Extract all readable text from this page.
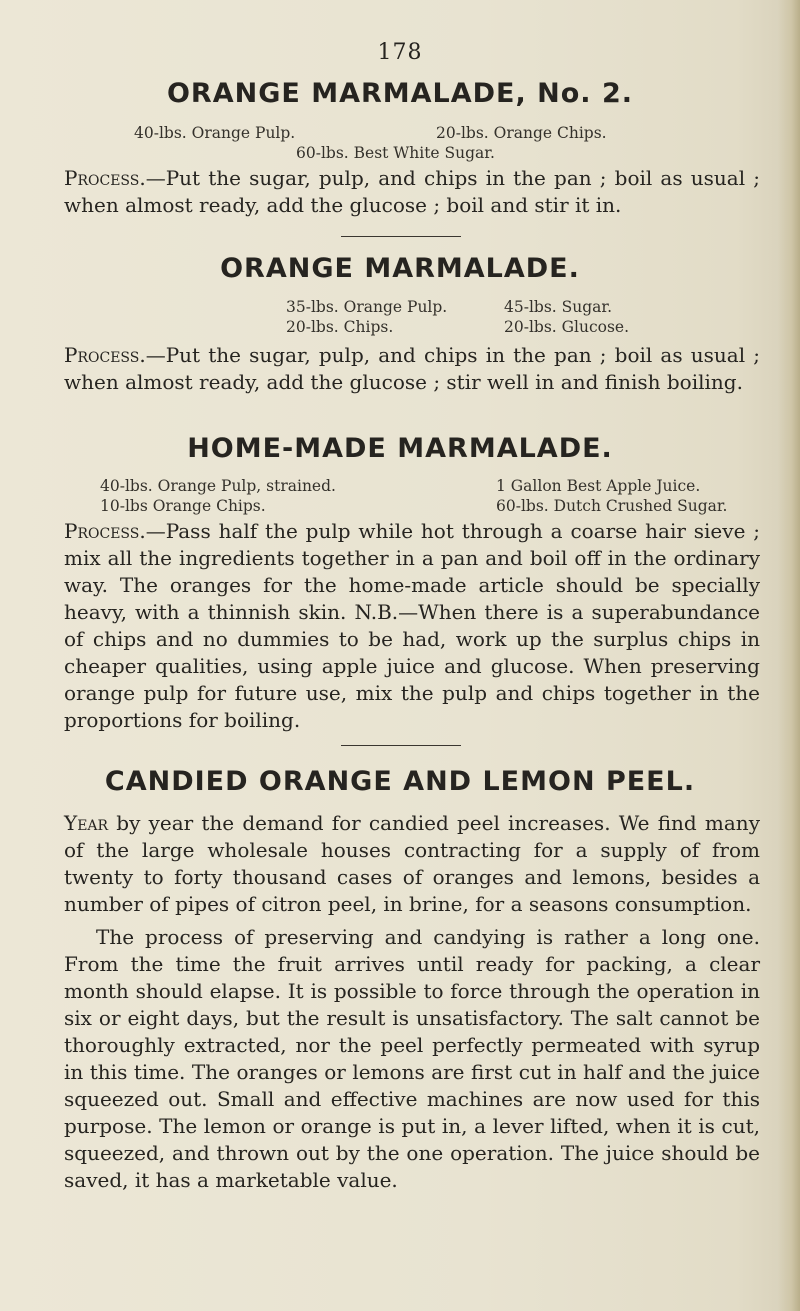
178
ORANGE MARMALADE, No. 2.
40-lbs. Orange Pulp.	20-lbs. Orange Chips.
60-lbs. Best White Sugar.

Process.—Put the sugar, pulp, and chips in the pan ; boil as usual ; when almost ready, add the glucose ; boil and stir it in.

ORANGE MARMALADE.
35-lbs. Orange Pulp.	45-lbs. Sugar.
20-lbs. Chips.	20-lbs. Glucose.

Process.—Put the sugar, pulp, and chips in the pan ; boil as usual ; when almost ready, add the glucose ; stir well in and finish boiling.

HOME-MADE MARMALADE.
40-lbs. Orange Pulp, strained.	1 Gallon Best Apple Juice.
10-lbs Orange Chips.	60-lbs. Dutch Crushed Sugar.

Process.—Pass half the pulp while hot through a coarse hair sieve ; mix all the ingredients together in a pan and boil off in the ordinary way. The oranges for the home-made article should be specially heavy, with a thinnish skin. N.B.—When there is a superabundance of chips and no dummies to be had, work up the surplus chips in cheaper qualities, using apple juice and glucose. When preserving orange pulp for future use, mix the pulp and chips together in the proportions for boiling.

CANDIED ORANGE AND LEMON PEEL.

Year by year the demand for candied peel increases. We find many of the large wholesale houses contracting for a supply of from twenty to forty thousand cases of oranges and lemons, besides a number of pipes of citron peel, in brine, for a seasons consumption.

The process of preserving and candying is rather a long one. From the time the fruit arrives until ready for packing, a clear month should elapse. It is possible to force through the operation in six or eight days, but the result is unsatisfactory. The salt cannot be thoroughly extracted, nor the peel perfectly permeated with syrup in this time. The oranges or lemons are first cut in half and the juice squeezed out. Small and effective machines are now used for this purpose. The lemon or orange is put in, a lever lifted, when it is cut, squeezed, and thrown out by the one operation. The juice should be saved, it has a marketable value.
